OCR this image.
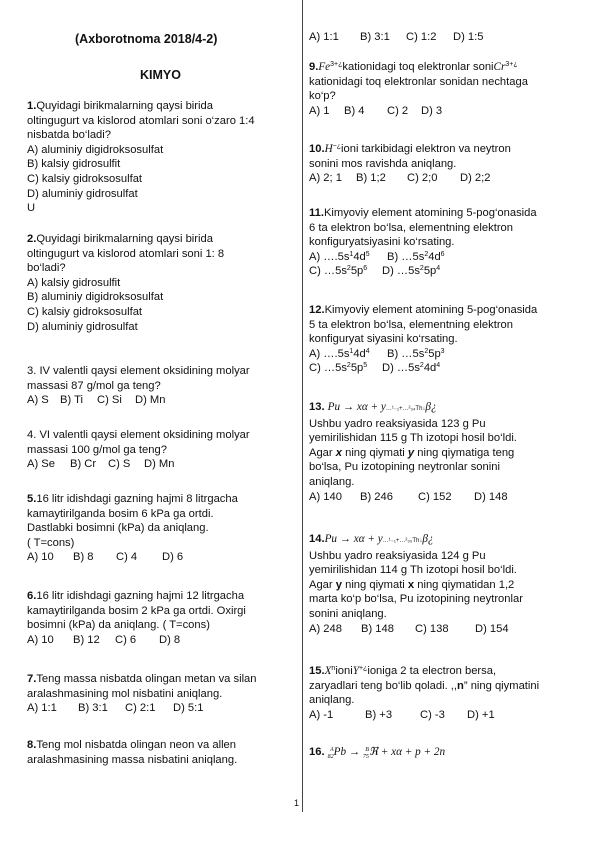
(Axborotnoma 2018/4-2)
KIMYO

1.Quyidagi birikmalarning qaysi birida

oltingugurt va kislorod atomlari soni o‘zaro 1:4

nisbatda bo‘ladi?

A) aluminiy digidroksosulfat

B) kalsiy gidrosulfit

C) kalsiy gidroksosulfat

D) aluminiy gidrosulfat

U

2.Quyidagi birikmalarning qaysi birida

oltingugurt va kislorod atomlari soni 1: 8

bo‘ladi?

A) kalsiy gidrosulfit

B) aluminiy digidroksosulfat

C) kalsiy gidroksosulfat

D) aluminiy gidrosulfat

3. IV valentli qaysi element oksidining molyar

massasi 87 g/mol ga teng?

A) S B) Ti C) Si D) Mn

4. VI valentli qaysi element oksidining molyar

massasi 100 g/mol ga teng?

A) Se B) Cr C) S D) Mn

5.16 litr idishdagi gazning hajmi 8 litrgacha

kamaytirilganda bosim 6 kPa ga ortdi.

Dastlabki bosimni (kPa) da aniqlang.

( T=cons)

A) 10 B) 8 C) 4 D) 6

6.16 litr idishdagi gazning hajmi 12 litrgacha

kamaytirilganda bosim 2 kPa ga ortdi. Oxirgi

bosimni (kPa) da aniqlang. ( T=cons)

A) 10 B) 12 C) 6 D) 8

7.Teng massa nisbatda olingan metan va silan

aralashmasining mol nisbatini aniqlang.

A) 1:1 B) 3:1 C) 2:1 D) 5:1

8.Teng mol nisbatda olingan neon va allen

aralashmasining massa nisbatini aniqlang.

A) 1:1 B) 3:1 C) 1:2 D) 1:5

$9.Fe^{3+¿}kationidagi$ toq elektronlar soniCr$^{3+¿}$

kationidagi toq elektronlar sonidan nechtaga

ko‘p?

A) 1 B) 4 C) 2 D) 3

10.H−¿ioni tarkibidagi elektron va neytron

sonini mos ravishda aniqlang.

A) 2; 1 B) 1;2 C) 2;0 D) 2;2

11.Kimyoviy element atomining 5-pog‘onasida

6 ta elektron bo‘lsa, elementning elektron

konfiguryatsiyasini ko‘rsating.

A) $\dots.5s^14d^5$ B) $\dots 5s^24d^6$

C) $\dots 5s^25p^6$ D) $\dots 5s^25p^4$

12.Kimyoviy element atomining 5-pog‘onasida

5 ta elektron bo‘lsa, elementning elektron

konfiguryat siyasini ko‘rsating.

A) $\dots.5s^14d^4$ B) $\dots 5s^25p^3$

C) $\dots 5s^25p^5$ D) $\dots 5s^24d^4$

13. Pu → xα + y…¹₋₁+…²₃₄Th↓β¿

Ushbu yadro reaksiyasida 123 g Pu

yemirilishidan 115 g Th izotopi hosil bo‘ldi.

Agar x ning qiymati y ning qiymatiga teng

bo‘lsa, Pu izotopining neytronlar sonini

aniqlang.

A) 140 B) 246 C) 152 D) 148

14.Pu → xα + y…¹₋₁+…²₃₀Th↓β¿

Ushbu yadro reaksiyasida 124 g Pu

yemirilishidan 114 g Th izotopi hosil bo‘ldi.

Agar y ning qiymati x ning qiymatidan 1,2

marta ko‘p bo‘lsa, Pu izotopining neytronlar

sonini aniqlang.

A) 248 B) 148 C) 138 D) 154

$15.X^nioniY^{+¿}ioniga$ 2 ta electron bersa,

zaryadlari teng bo‘lib qoladi. ,,n” ning qiymatini

aniqlang.

A) -1	B) +3 C) -3 D) +1

16. A
82Pb → B
75ℜ + xα + p + 2n

1
